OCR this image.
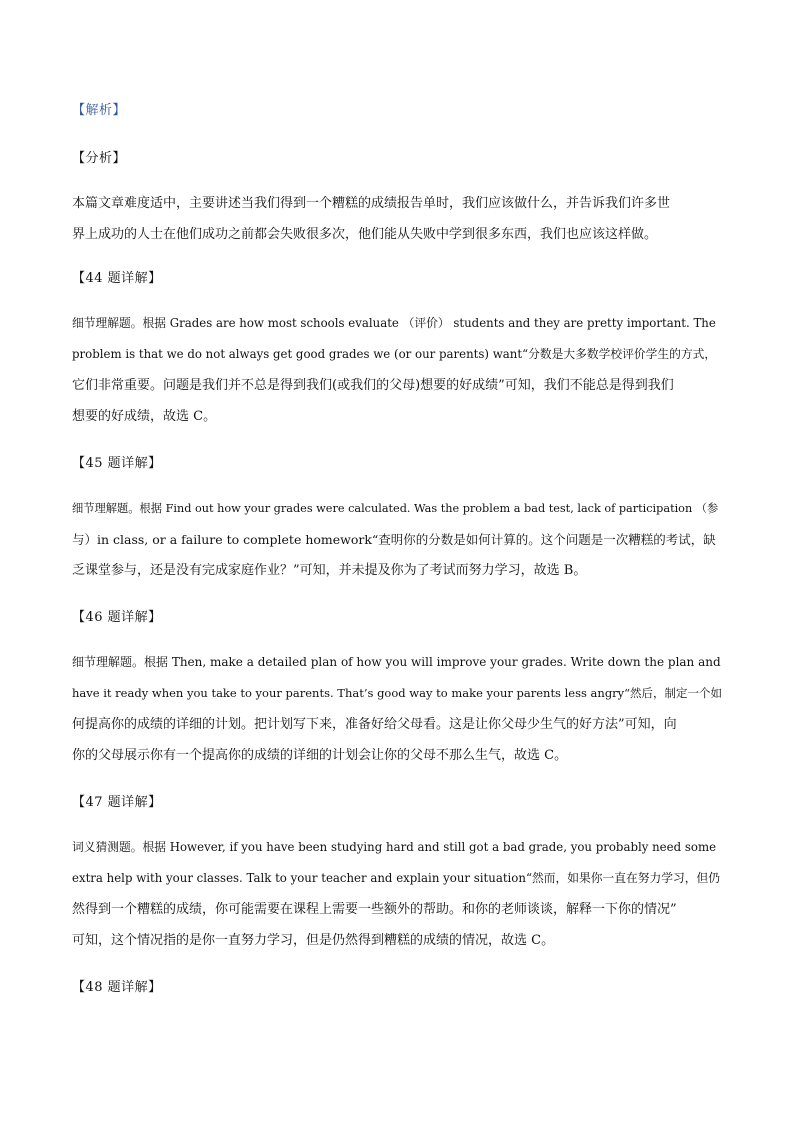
【解析】
【分析】
本篇文章难度适中，主要讲述当我们得到一个糟糕的成绩报告单时，我们应该做什么，并告诉我们许多世
界上成功的人士在他们成功之前都会失败很多次，他们能从失败中学到很多东西，我们也应该这样做。
【44 题详解】
细节理解题。根据 Grades are how most schools evaluate （评价） students and they are pretty important. The
problem is that we do not always get good grades we (or our parents) want“分数是大多数学校评价学生的方式，
它们非常重要。问题是我们并不总是得到我们(或我们的父母)想要的好成绩”可知，我们不能总是得到我们
想要的好成绩，故选 C。
【45 题详解】
细节理解题。根据 Find out how your grades were calculated. Was the problem a bad test, lack of participation （参
与）in class, or a failure to complete homework“查明你的分数是如何计算的。这个问题是一次糟糕的考试，缺
乏课堂参与，还是没有完成家庭作业？”可知，并未提及你为了考试而努力学习，故选 B。
【46 题详解】
细节理解题。根据 Then, make a detailed plan of how you will improve your grades. Write down the plan and
have it ready when you take to your parents. That’s good way to make your parents less angry“然后，制定一个如
何提高你的成绩的详细的计划。把计划写下来，准备好给父母看。这是让你父母少生气的好方法”可知，向
你的父母展示你有一个提高你的成绩的详细的计划会让你的父母不那么生气，故选 C。
【47 题详解】
词义猜测题。根据 However, if you have been studying hard and still got a bad grade, you probably need some
extra help with your classes. Talk to your teacher and explain your situation“然而，如果你一直在努力学习，但仍
然得到一个糟糕的成绩，你可能需要在课程上需要一些额外的帮助。和你的老师谈谈，解释一下你的情况”
可知，这个情况指的是你一直努力学习，但是仍然得到糟糕的成绩的情况，故选 C。
【48 题详解】
